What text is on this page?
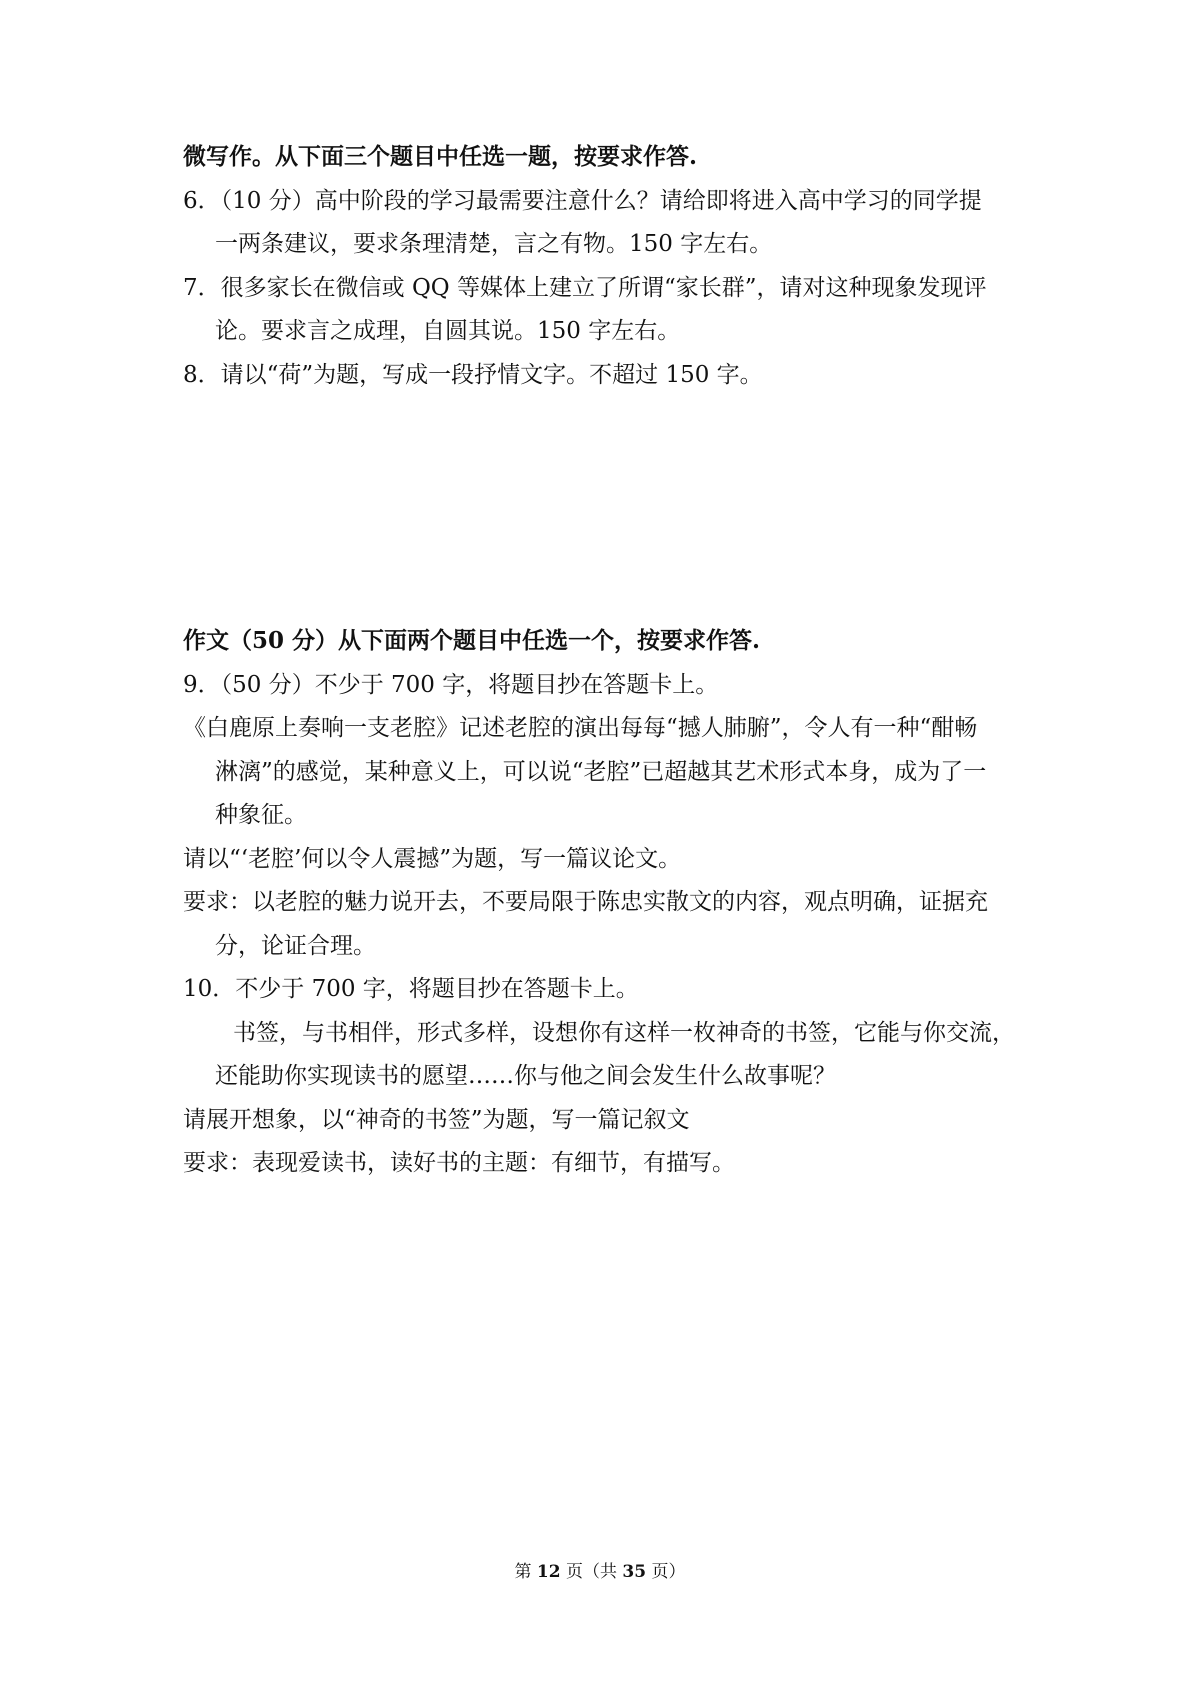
微写作。从下面三个题目中任选一题，按要求作答.
6．（10 分）高中阶段的学习最需要注意什么？请给即将进入高中学习的同学提
一两条建议，要求条理清楚，言之有物。150 字左右。
7．很多家长在微信或 QQ 等媒体上建立了所谓“家长群”，请对这种现象发现评
论。要求言之成理，自圆其说。150 字左右。
8．请以“荷”为题，写成一段抒情文字。不超过 150 字。
作文（50 分）从下面两个题目中任选一个，按要求作答.
9．（50 分）不少于 700 字，将题目抄在答题卡上。
《白鹿原上奏响一支老腔》记述老腔的演出每每“撼人肺腑”，令人有一种“酣畅
淋漓”的感觉，某种意义上，可以说“老腔”已超越其艺术形式本身，成为了一
种象征。
请以“‘老腔’何以令人震撼”为题，写一篇议论文。
要求：以老腔的魅力说开去，不要局限于陈忠实散文的内容，观点明确，证据充
分，论证合理。
10．不少于 700 字，将题目抄在答题卡上。
书签，与书相伴，形式多样，设想你有这样一枚神奇的书签，它能与你交流，
还能助你实现读书的愿望……你与他之间会发生什么故事呢？
请展开想象，以“神奇的书签”为题，写一篇记叙文
要求：表现爱读书，读好书的主题：有细节，有描写。
第 12 页（共 35 页）
